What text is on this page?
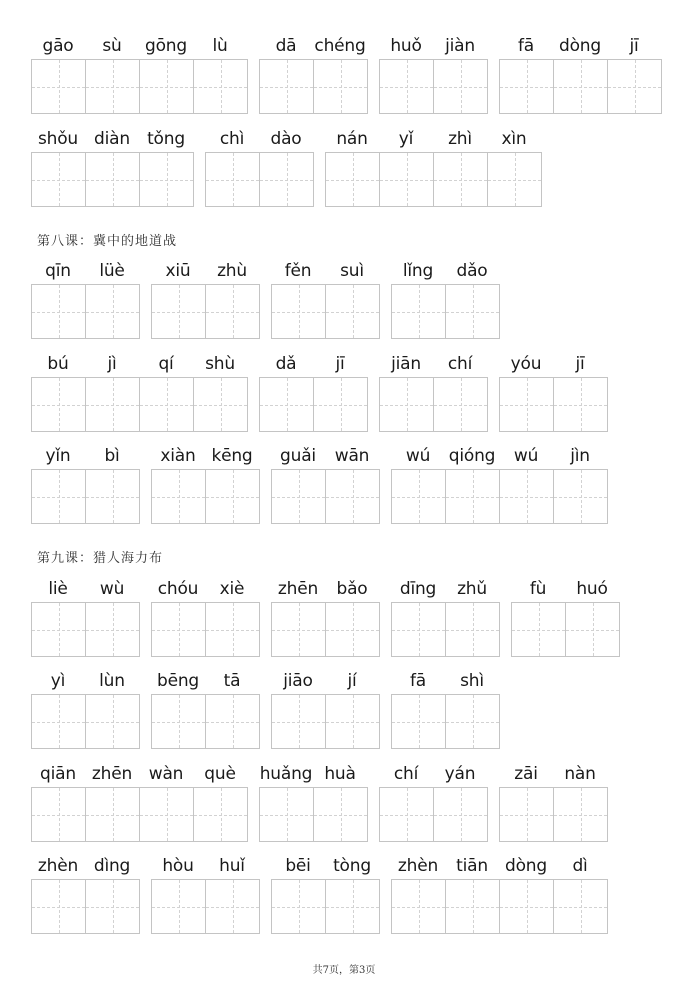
gāo	sù	gōng	lù	dā	chéng	huǒ	jiàn	fā	dòng	jī
shǒu diàn	tǒng	chì	dào	nán	yǐ	zhì	xìn
第八课：冀中的地道战
qīn	lüè	xiū	zhù	fěn	suì	lǐng	dǎo
bú	jì	qí	shù	dǎ	jī	jiān	chí	yóu	jī
yǐn	bì	xiàn kēng	guǎi	wān	wú	qióng	wú	jìn
第九课：猎人海力布
liè	wù	chóu	xiè	zhēn	bǎo	dīng	zhǔ	fù	huó
yì	lùn	bēng	tā	jiāo	jí	fā	shì
qiān zhēn wàn	què	huǎng huà	chí	yán	zāi	nàn
zhèn dìng	hòu	huǐ	bēi	tòng	zhèn	tiān	dòng	dì
共7页，第3页
